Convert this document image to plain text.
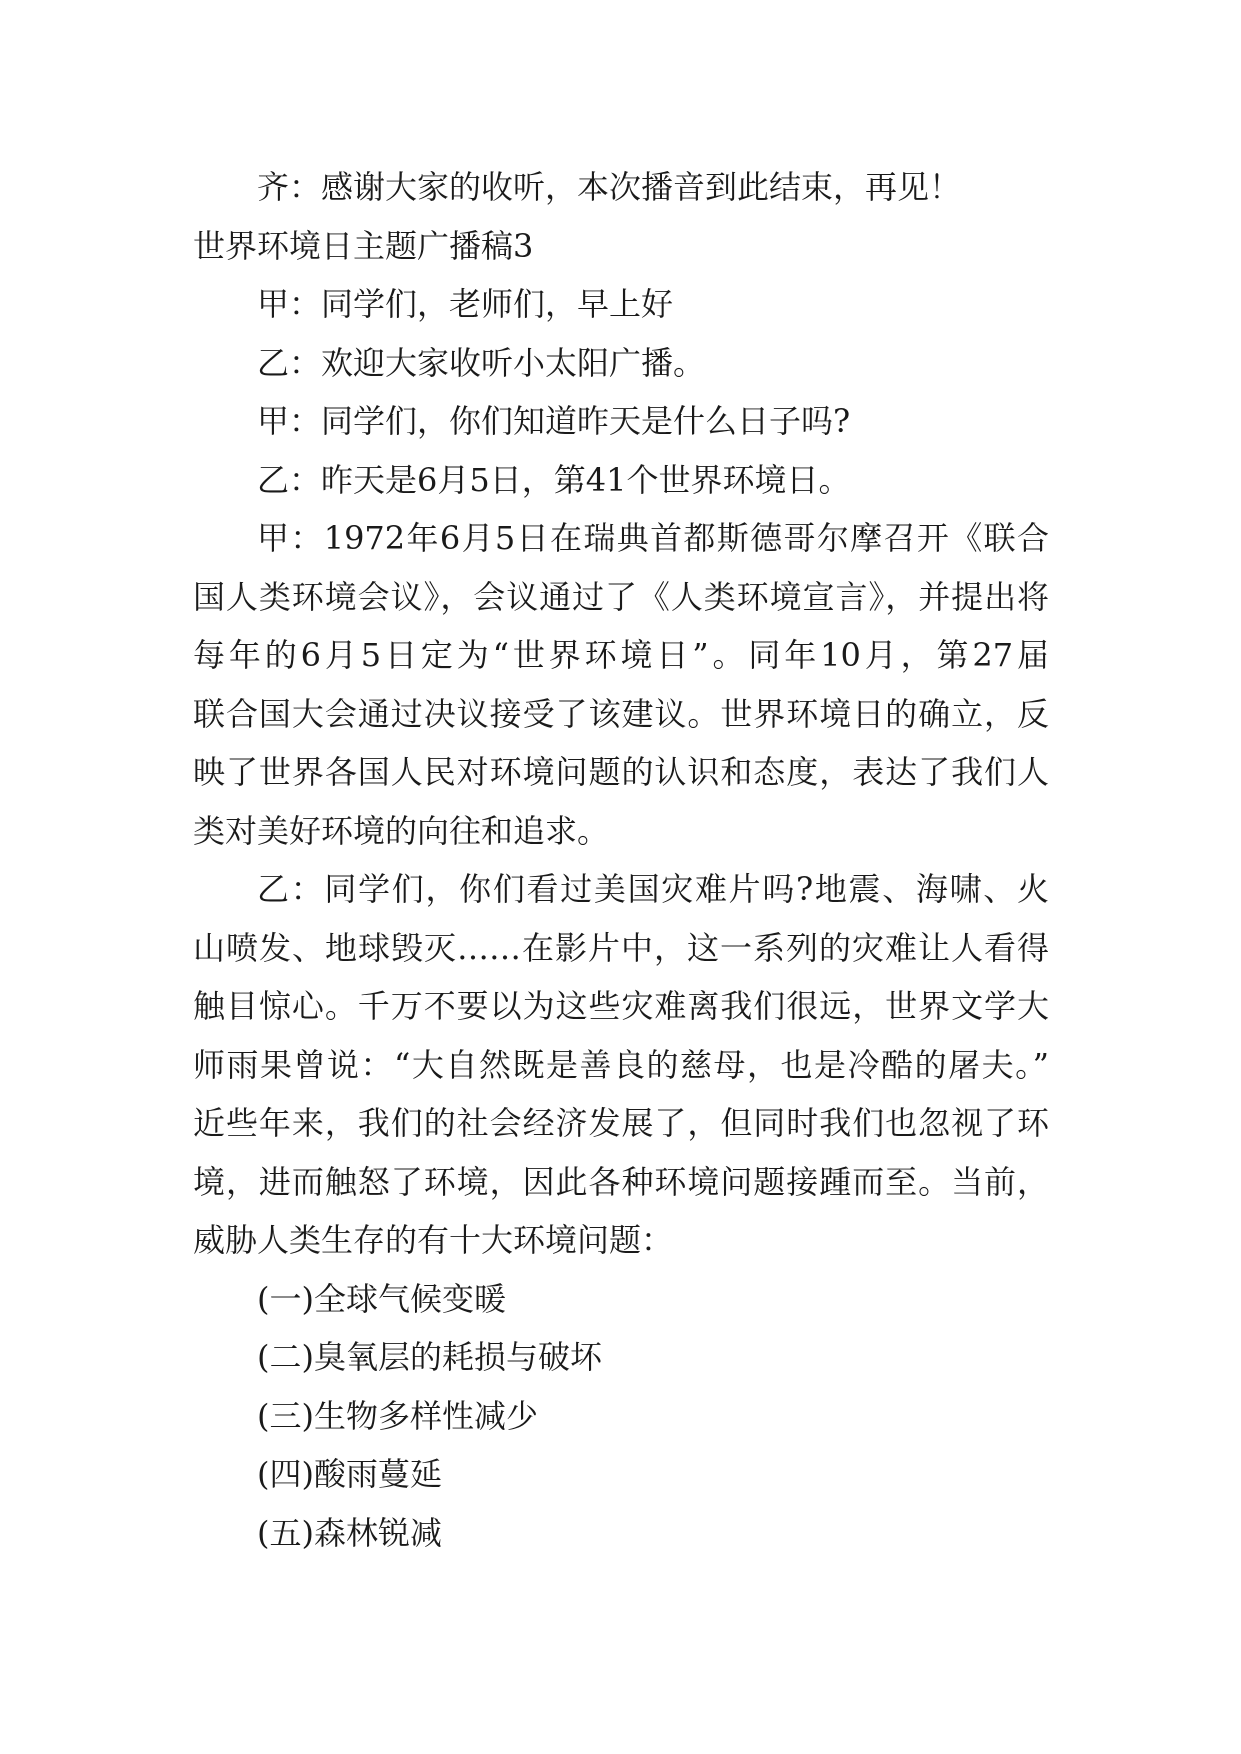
齐：感谢大家的收听，本次播音到此结束，再见！
世界环境日主题广播稿3
甲：同学们，老师们，早上好
乙：欢迎大家收听小太阳广播。
甲：同学们，你们知道昨天是什么日子吗?
乙：昨天是6月5日，第41个世界环境日。
甲：1972年6月5日在瑞典首都斯德哥尔摩召开《联合
国人类环境会议》，会议通过了《人类环境宣言》，并提出将
每年的6月5日定为“世界环境日”。同年10月，第27届
联合国大会通过决议接受了该建议。世界环境日的确立，反
映了世界各国人民对环境问题的认识和态度，表达了我们人
类对美好环境的向往和追求。
乙：同学们，你们看过美国灾难片吗?地震、海啸、火
山喷发、地球毁灭……在影片中，这一系列的灾难让人看得
触目惊心。千万不要以为这些灾难离我们很远，世界文学大
师雨果曾说：“大自然既是善良的慈母，也是冷酷的屠夫。”
近些年来，我们的社会经济发展了，但同时我们也忽视了环
境，进而触怒了环境，因此各种环境问题接踵而至。当前，
威胁人类生存的有十大环境问题：
(一)全球气候变暖
(二)臭氧层的耗损与破坏
(三)生物多样性减少
(四)酸雨蔓延
(五)森林锐减
